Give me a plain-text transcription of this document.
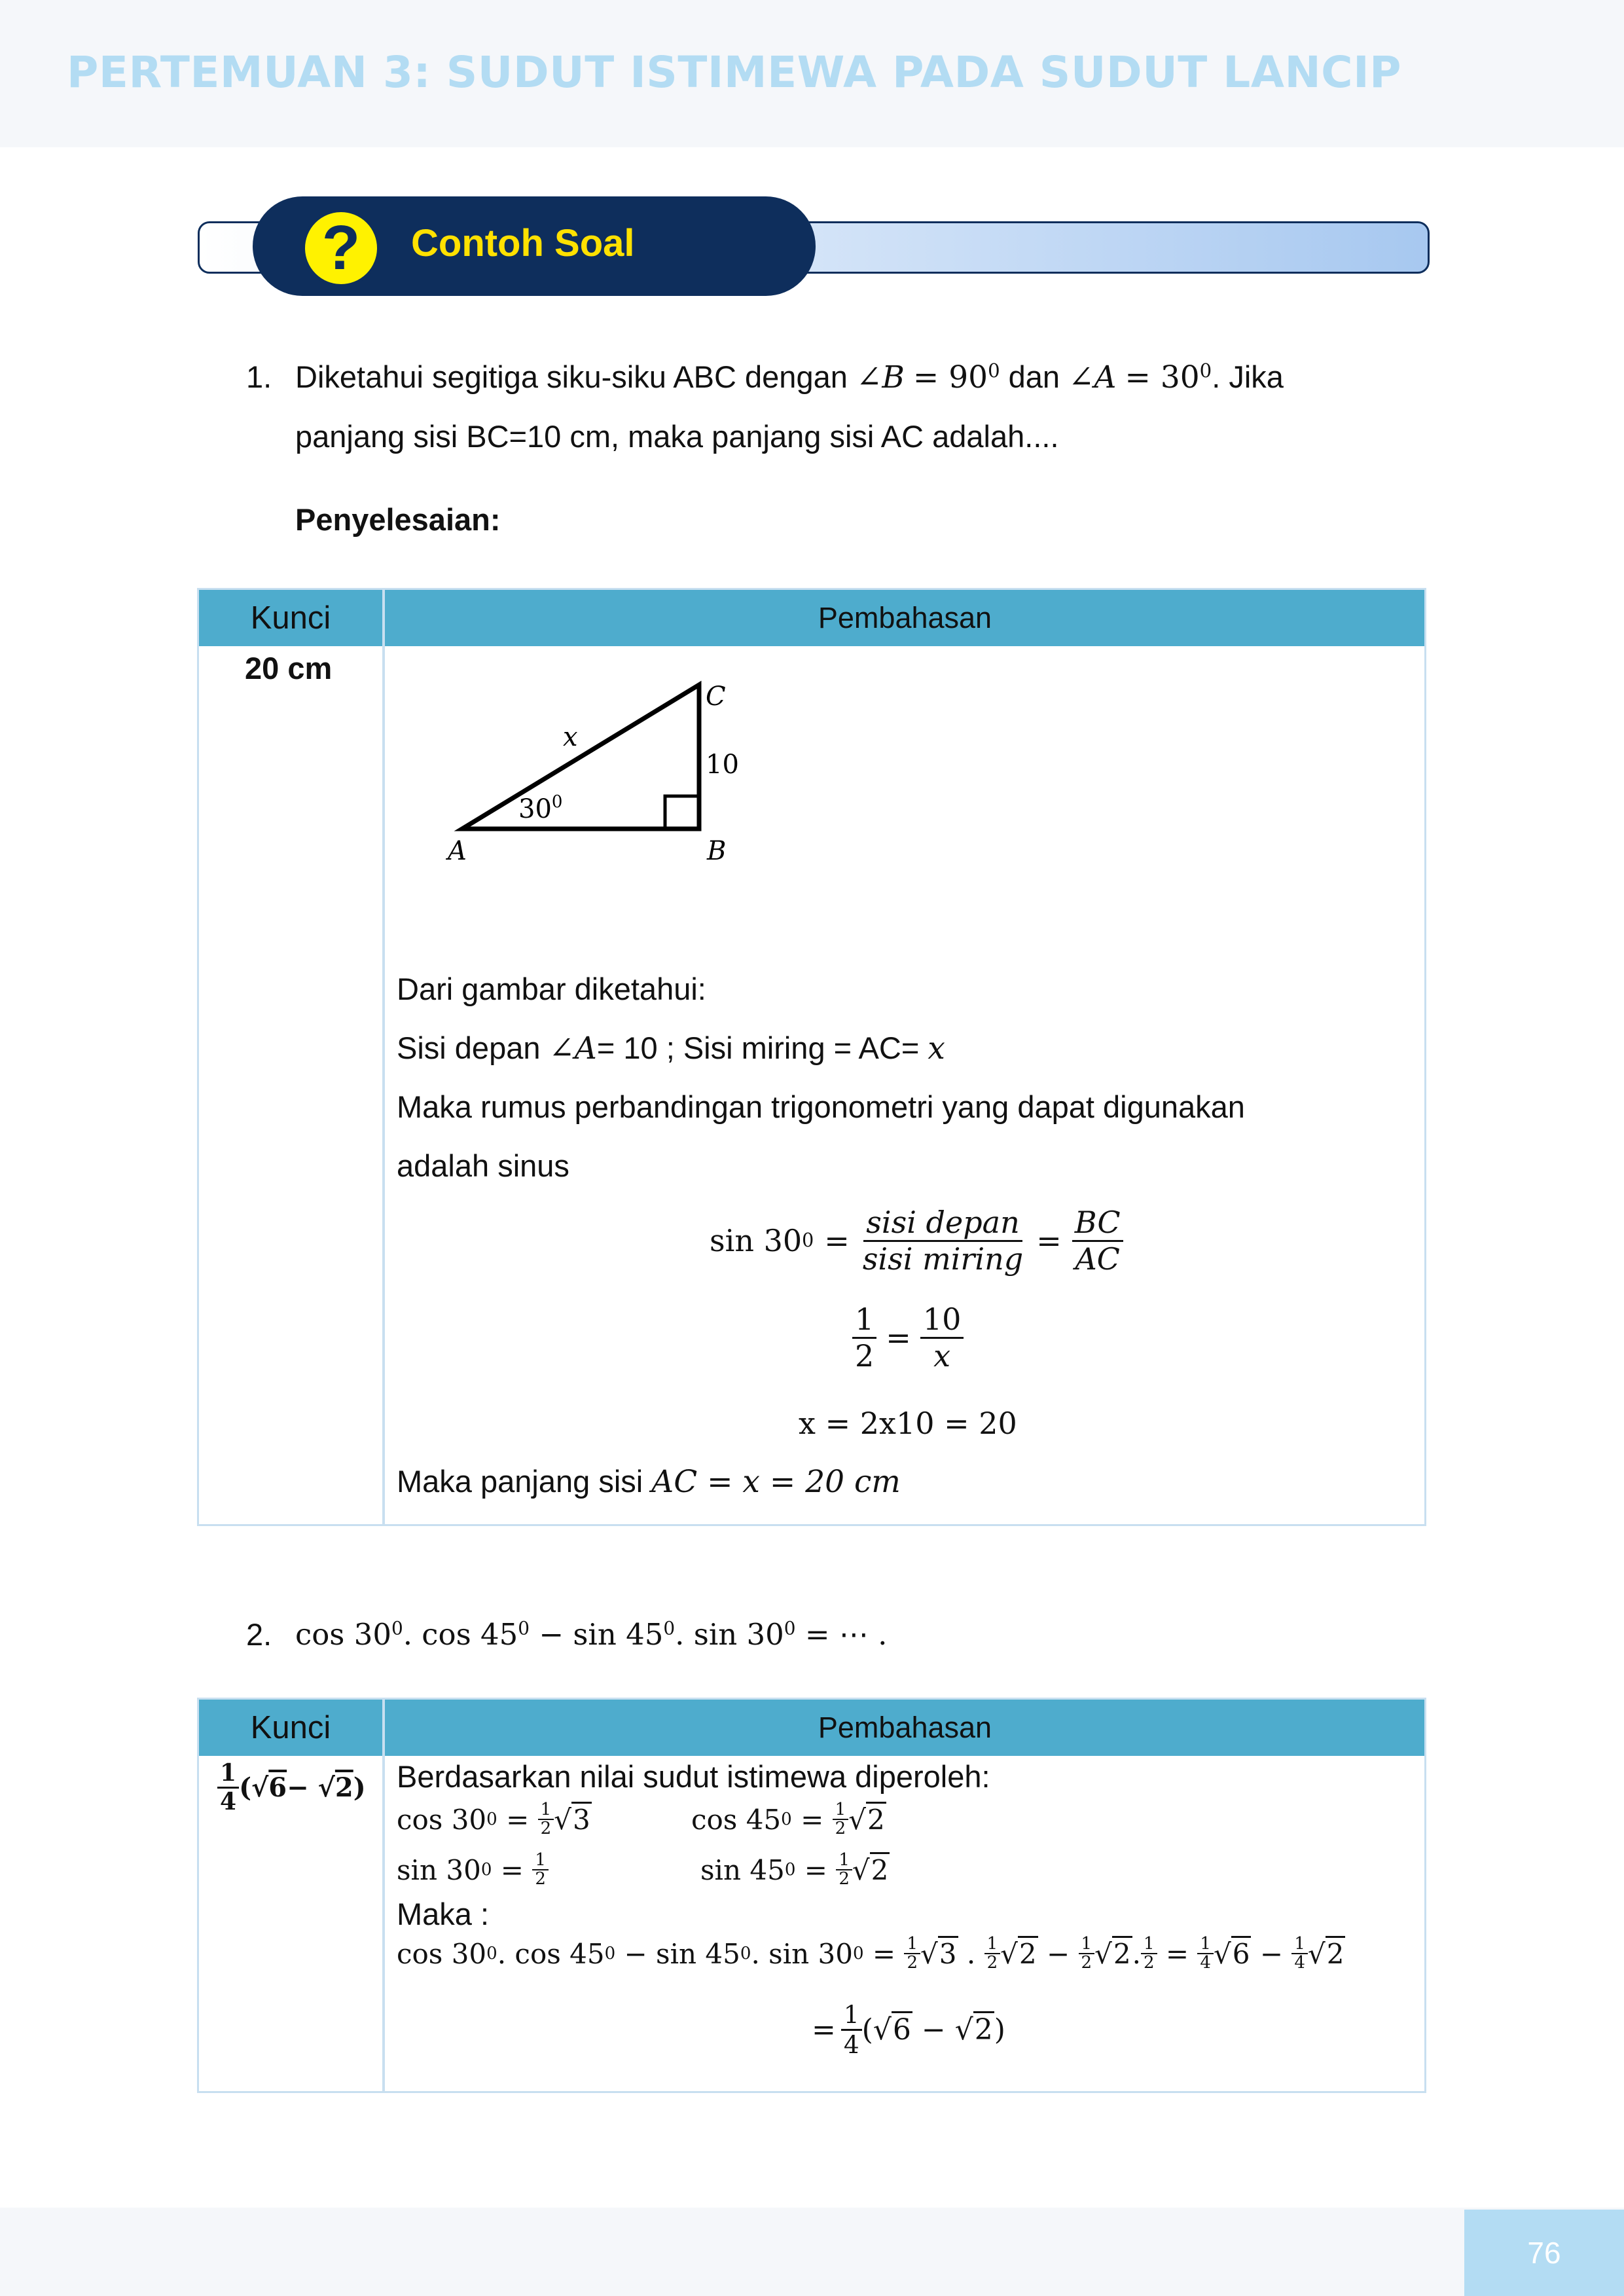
PERTEMUAN 3: SUDUT ISTIMEWA PADA SUDUT LANCIP
?	Contoh Soal
1. Diketahui segitiga siku-siku ABC dengan ∠B = $90^0$ dan ∠A = $30^0$. Jika
panjang sisi BC=10 cm, maka panjang sisi AC adalah....
Penyelesaian:
Kunci	Pembahasan
20 cm
A	B
C
x
10
$30^0$
Dari gambar diketahui:
Sisi depan ∠A= 10 ; Sisi miring = AC= x
Maka rumus perbandingan trigonometri yang dapat digunakan
adalah sinus
sin 30 $0 = \frac{\text{sisi depan}}{\text{sisi miring}} = \frac{BC}{AC}$
$\frac{1}{2} = \frac{10}{x}$
x = 2x10 = 20
Maka panjang sisi AC = x = 20 cm
2. $\cos 30^0$. $\cos 45^0 - \sin 45^0$. $\sin 30^0$ = ⋯ .
Kunci	Pembahasan
$\frac{1}{4}$ (√ 6 − √ 2 ) Berdasarkan nilai sudut istimewa diperoleh:
cos 30 $0 = \frac{1}{2} √3$	cos 45 $0 = \frac{1}{2} √2$
sin 30 $0 = \frac{1}{2}$	sin 45 $0 = \frac{1}{2} √2$
Maka :
cos 30 0 . cos 45 0 − sin 45 0 . sin 30 $0 = \frac{1}{2} √3$ . $\frac{1}{2} √2 - \frac{1}{2} √2$ . $\frac{1}{2} = \frac{1}{4} √6 - \frac{1}{4} √2$
= $\frac{1}{4}$ ( √6 − √2 )
76
